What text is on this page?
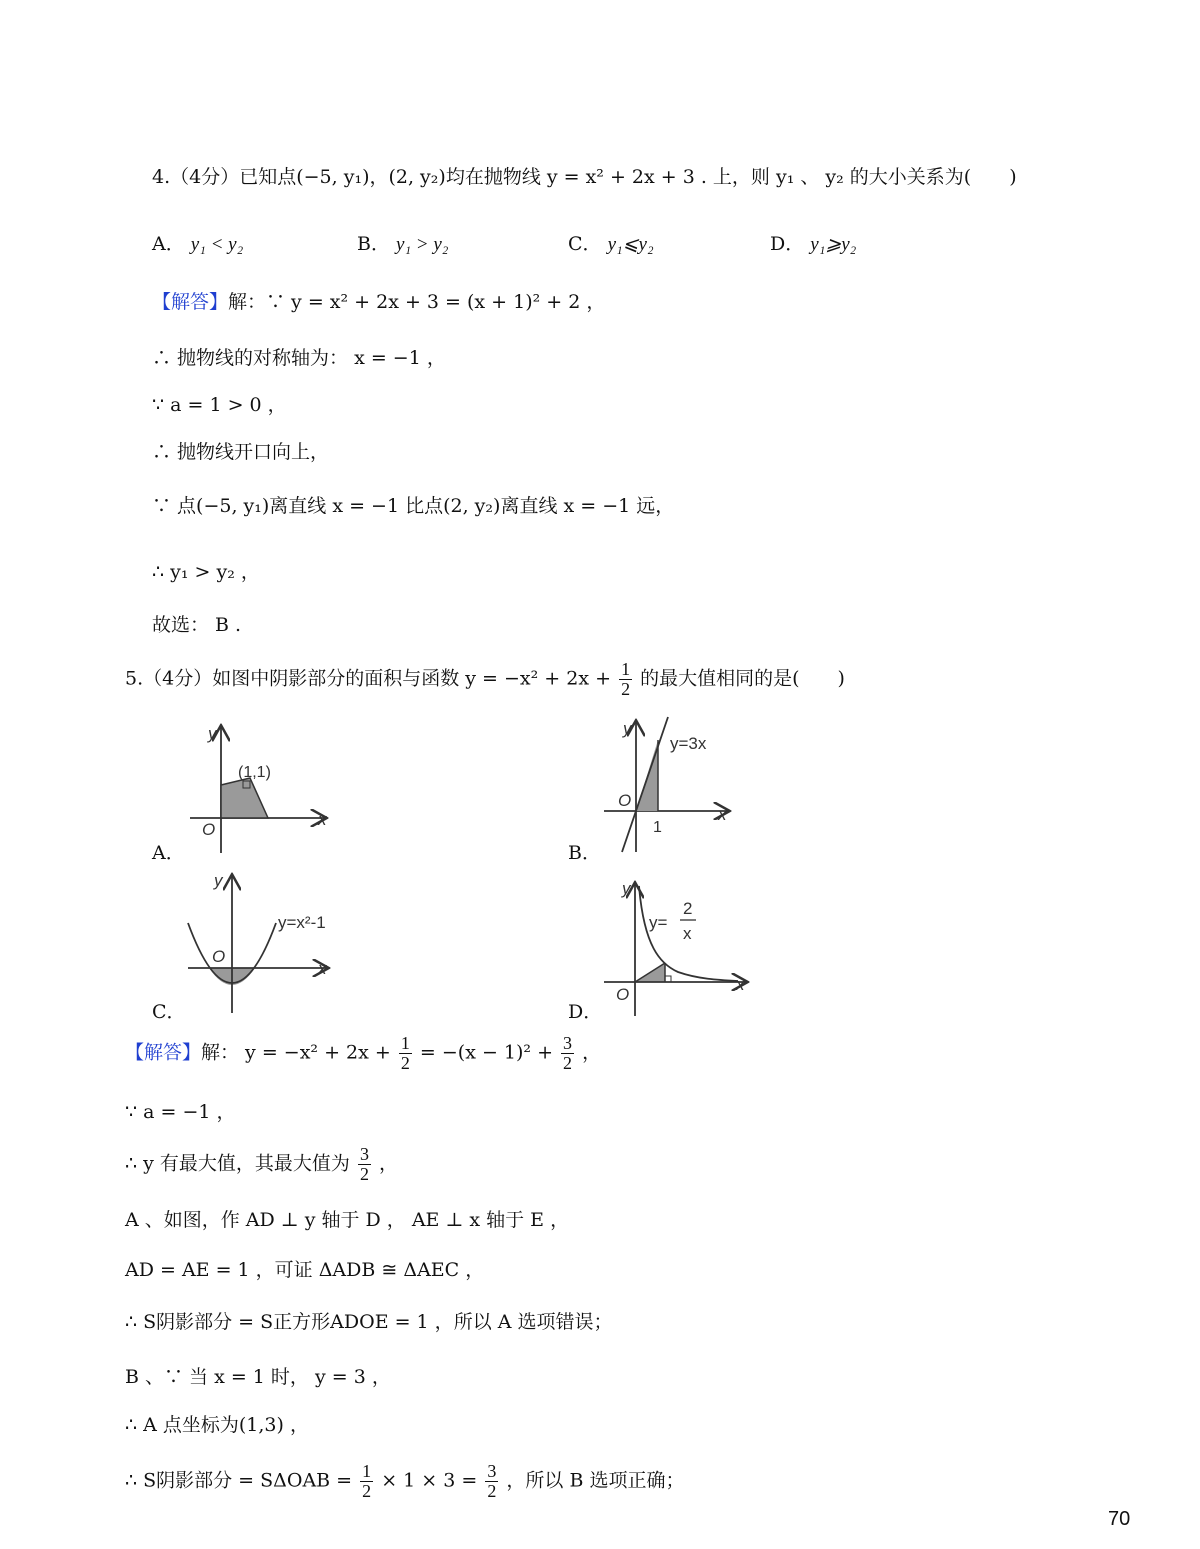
4.（4分）已知点(−5, y₁)，(2, y₂)均在抛物线 y = x² + 2x + 3 . 上，则 y₁ 、 y₂ 的大小关系为(　　)
A． y₁ < y₂	B． y₁ > y₂	C． y₁⩽y₂	D． y₁⩾y₂
【解答】解：∵ y = x² + 2x + 3 = (x + 1)² + 2 ，
∴ 抛物线的对称轴为： x = −1 ，
∵ a = 1 > 0 ，
∴ 抛物线开口向上，
∵ 点(−5, y₁)离直线 x = −1 比点(2, y₂)离直线 x = −1 远，
∴ y₁ > y₂ ，
故选： B .
5.（4分）如图中阴影部分的面积与函数 $y = -x^2 + 2x + \frac{1}{2}$ 的最大值相同的是(　　)
A．
y
x
O
(1,1)
B．
y=3x
y
x
O
1
C．
y=x²-1
y
x
O
D．
y=
2
x
y
x
O
【解答】解： $y = -x^2 + 2x + \frac{1}{2} = -(x - 1)^2 + \frac{3}{2}$ ，
∵ a = −1 ，
∴ y 有最大值，其最大值为 $\frac{3}{2}$ ，
A 、如图，作 AD ⊥ y 轴于 D ， AE ⊥ x 轴于 E ，
AD = AE = 1 ，可证 ΔADB ≅ ΔAEC ，
∴ S阴影部分 = S正方形ADOE = 1 ，所以 A 选项错误；
B 、∵ 当 x = 1 时， y = 3 ，
∴ A 点坐标为(1,3) ，
∴ S阴影部分 = $S\Delta OAB = \frac{1}{2} \times 1 \times 3 = \frac{3}{2}$ ，所以 B 选项正确；
70
